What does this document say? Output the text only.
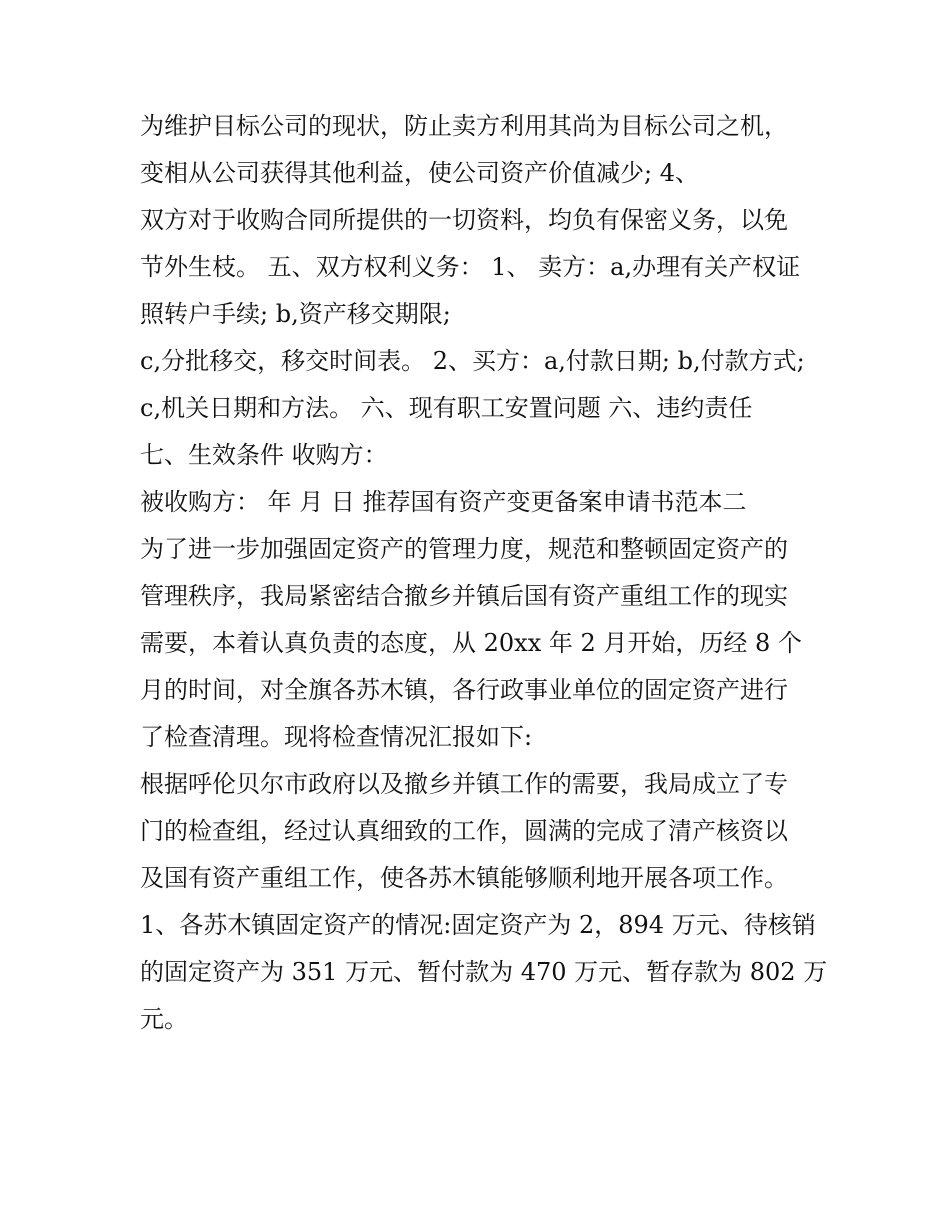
为维护目标公司的现状，防止卖方利用其尚为目标公司之机，
变相从公司获得其他利益，使公司资产价值减少; 4、
双方对于收购合同所提供的一切资料，均负有保密义务，以免
节外生枝。 五、双方权利义务： 1、 卖方：a,办理有关产权证
照转户手续; b,资产移交期限;
c,分批移交，移交时间表。 2、买方：a,付款日期; b,付款方式;
c,机关日期和方法。 六、现有职工安置问题 六、违约责任
七、生效条件 收购方：
被收购方： 年 月 日 推荐国有资产变更备案申请书范本二
为了进一步加强固定资产的管理力度，规范和整顿固定资产的
管理秩序，我局紧密结合撤乡并镇后国有资产重组工作的现实
需要，本着认真负责的态度，从 20xx 年 2 月开始，历经 8 个
月的时间，对全旗各苏木镇，各行政事业单位的固定资产进行
了检查清理。现将检查情况汇报如下:
根据呼伦贝尔市政府以及撤乡并镇工作的需要，我局成立了专
门的检查组，经过认真细致的工作，圆满的完成了清产核资以
及国有资产重组工作，使各苏木镇能够顺利地开展各项工作。
1、各苏木镇固定资产的情况:固定资产为 2，894 万元、待核销
的固定资产为 351 万元、暂付款为 470 万元、暂存款为 802 万
元。
